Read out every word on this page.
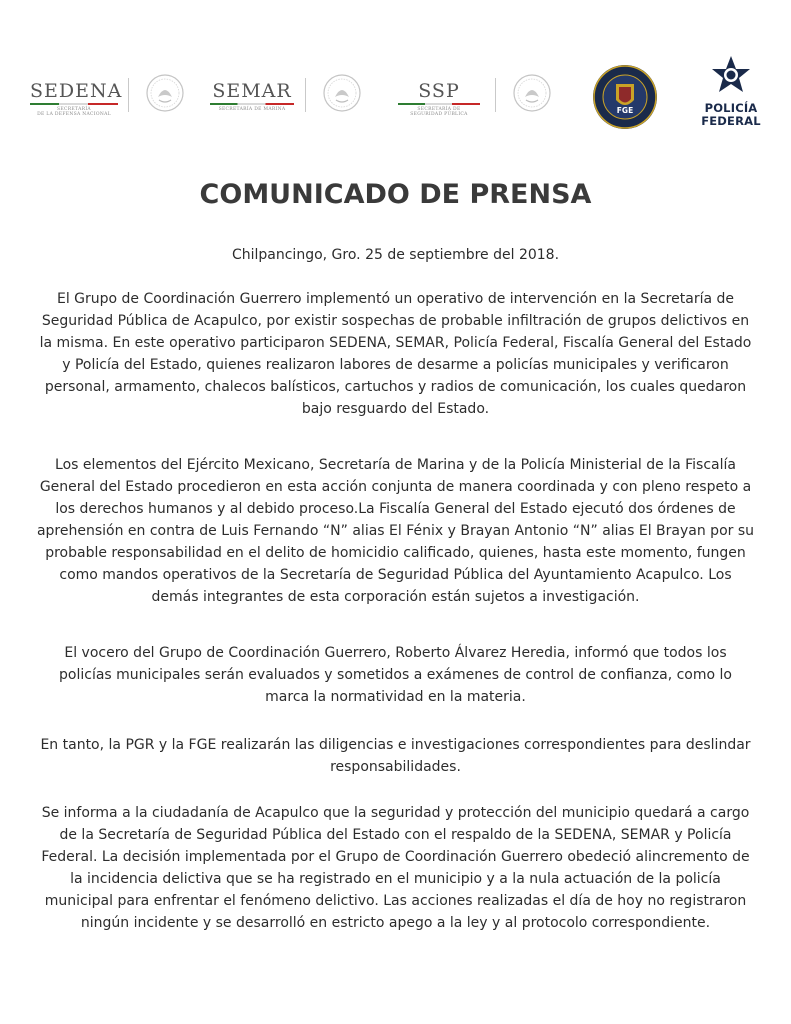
SEDENA
SECRETARÍA
DE LA DEFENSA NACIONAL
SEMAR
SECRETARÍA DE MARINA
SSP
SECRETARÍA DE
SEGURIDAD PÚBLICA	FGE	POLICÍA
FEDERAL
COMUNICADO DE PRENSA

Chilpancingo, Gro. 25 de septiembre del 2018.

El Grupo de Coordinación Guerrero implementó un operativo de intervención en la Secretaría de Seguridad Pública de Acapulco, por existir sospechas de probable infiltración de grupos delictivos en la misma. En este operativo participaron SEDENA, SEMAR, Policía Federal, Fiscalía General del Estado y Policía del Estado, quienes realizaron labores de desarme a policías municipales y verificaron personal, armamento, chalecos balísticos, cartuchos y radios de comunicación, los cuales quedaron bajo resguardo del Estado.

Los elementos del Ejército Mexicano, Secretaría de Marina y de la Policía Ministerial de la Fiscalía General del Estado procedieron en esta acción conjunta de manera coordinada y con pleno respeto a los derechos humanos y al debido proceso.La Fiscalía General del Estado ejecutó dos órdenes de aprehensión en contra de Luis Fernando “N” alias El Fénix y Brayan Antonio “N” alias El Brayan por su probable responsabilidad en el delito de homicidio calificado, quienes, hasta este momento, fungen como mandos operativos de la Secretaría de Seguridad Pública del Ayuntamiento Acapulco. Los demás integrantes de esta corporación están sujetos a investigación.

El vocero del Grupo de Coordinación Guerrero, Roberto Álvarez Heredia, informó que todos los policías municipales serán evaluados y sometidos a exámenes de control de confianza, como lo marca la normatividad en la materia.

En tanto, la PGR y la FGE realizarán las diligencias e investigaciones correspondientes para deslindar responsabilidades.

Se informa a la ciudadanía de Acapulco que la seguridad y protección del municipio quedará a cargo de la Secretaría de Seguridad Pública del Estado con el respaldo de la SEDENA, SEMAR y Policía Federal. La decisión implementada por el Grupo de Coordinación Guerrero obedeció alincremento de la incidencia delictiva que se ha registrado en el municipio y a la nula actuación de la policía municipal para enfrentar el fenómeno delictivo. Las acciones realizadas el día de hoy no registraron ningún incidente y se desarrolló en estricto apego a la ley y al protocolo correspondiente.
